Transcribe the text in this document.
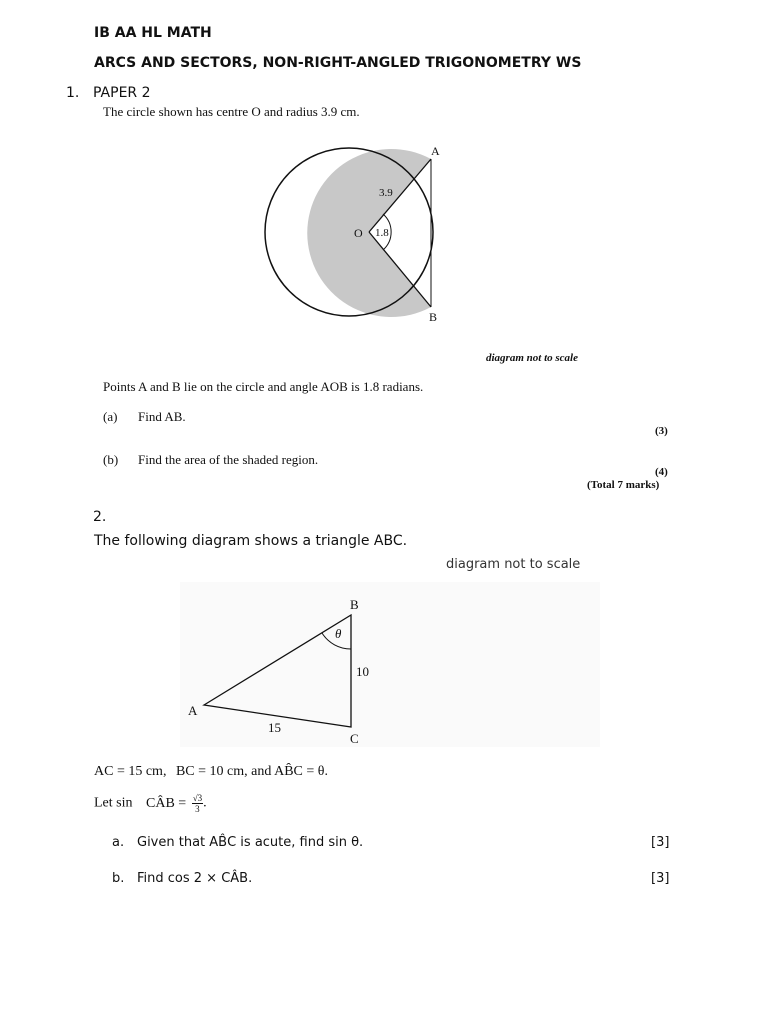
IB AA HL MATH
ARCS AND SECTORS, NON-RIGHT-ANGLED TRIGONOMETRY WS
1. PAPER 2
The circle shown has centre O and radius 3.9 cm.
A
B
O
3.9
1.8
diagram not to scale
Points A and B lie on the circle and angle AOB is 1.8 radians.
(a) Find AB.
(3)
(b) Find the area of the shaded region.
(4)
(Total 7 marks)
2.
The following diagram shows a triangle ABC.
diagram not to scale
B
A
C
10
15
θ
AC = 15 cm, BC = 10 cm, and AB̂C = θ.
Let sin CÂB = $\frac{√3}{3}$ .
a. Given that AB̂C is acute, find sin θ.	[3]
b. Find cos 2 × CÂB.	[3]
